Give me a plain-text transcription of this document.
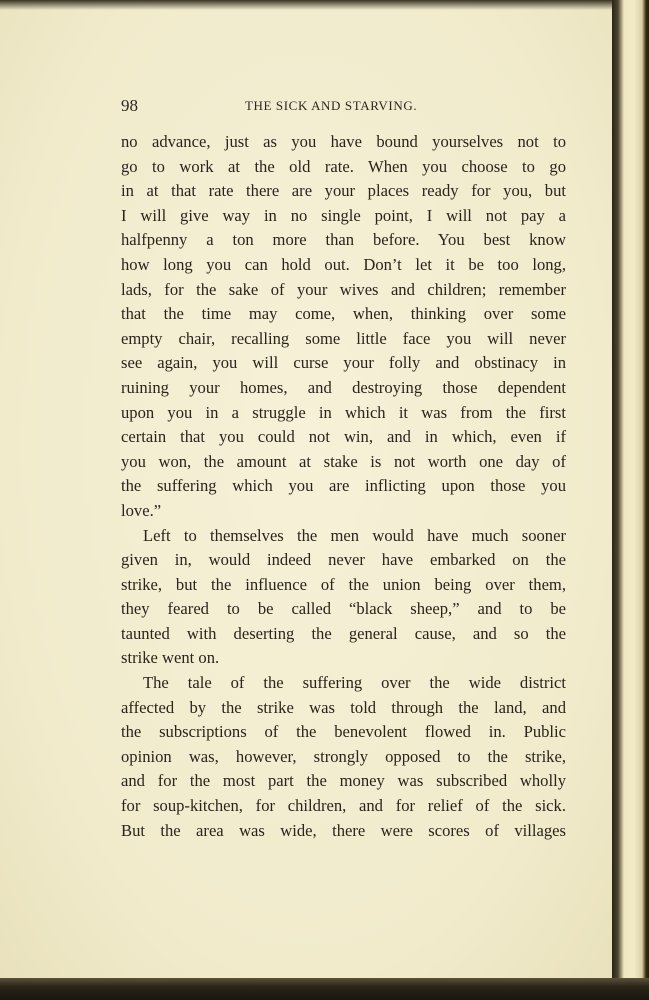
98	THE SICK AND STARVING.
no advance, just as you have bound yourselves not to
go to work at the old rate. When you choose to go
in at that rate there are your places ready for you, but
I will give way in no single point, I will not pay a
halfpenny a ton more than before. You best know
how long you can hold out. Don’t let it be too long,
lads, for the sake of your wives and children; remember
that the time may come, when, thinking over some
empty chair, recalling some little face you will never
see again, you will curse your folly and obstinacy in
ruining your homes, and destroying those dependent
upon you in a struggle in which it was from the first
certain that you could not win, and in which, even if
you won, the amount at stake is not worth one day of
the suffering which you are inflicting upon those you
love.”
Left to themselves the men would have much sooner
given in, would indeed never have embarked on the
strike, but the influence of the union being over them,
they feared to be called “black sheep,” and to be
taunted with deserting the general cause, and so the
strike went on.
The tale of the suffering over the wide district
affected by the strike was told through the land, and
the subscriptions of the benevolent flowed in. Public
opinion was, however, strongly opposed to the strike,
and for the most part the money was subscribed wholly
for soup-kitchen, for children, and for relief of the sick.
But the area was wide, there were scores of villages
